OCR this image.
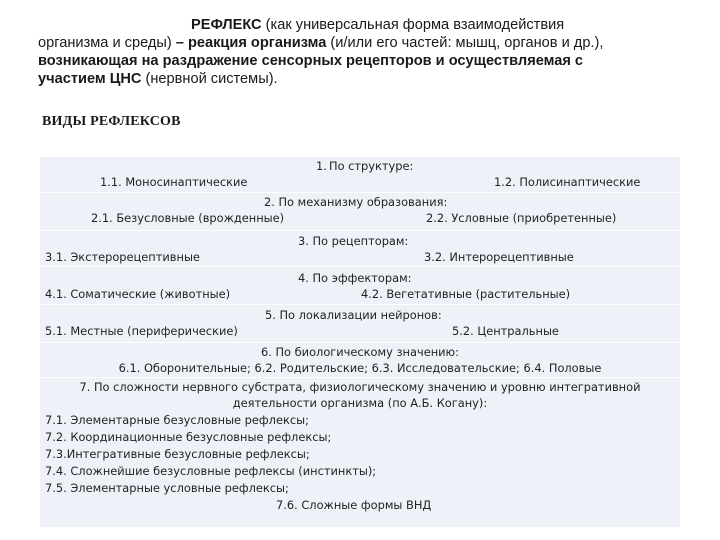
РЕФЛЕКС (как универсальная форма взаимодействия
организма и среды) – реакция организма (и/или его частей: мышц, органов и др.),
возникающая на раздражение сенсорных рецепторов и осуществляемая с
участием ЦНС (нервной системы).

ВИДЫ РЕФЛЕКСОВ
1. По структуре:
1.1. Моносинаптические	1.2. Полисинаптические
2. По механизму образования:
2.1. Безусловные (врожденные)	2.2. Условные (приобретенные)
3. По рецепторам:
3.1. Экстерорецептивные	3.2. Интерорецептивные
4. По эффекторам:
4.1. Соматические (животные)	4.2. Вегетативные (растительные)
5. По локализации нейронов:
5.1. Местные (периферические)	5.2. Центральные
6. По биологическому значению:
6.1. Оборонительные; 6.2. Родительские; 6.3. Исследовательские; 6.4. Половые
7. По сложности нервного субстрата, физиологическому значению и уровню интегративной
деятельности организма (по А.Б. Когану):
7.1. Элементарные безусловные рефлексы;
7.2. Координационные безусловные рефлексы;
7.3.Интегративные безусловные рефлексы;
7.4. Сложнейшие безусловные рефлексы (инстинкты);
7.5. Элементарные условные рефлексы;
7.6. Сложные формы ВНД
